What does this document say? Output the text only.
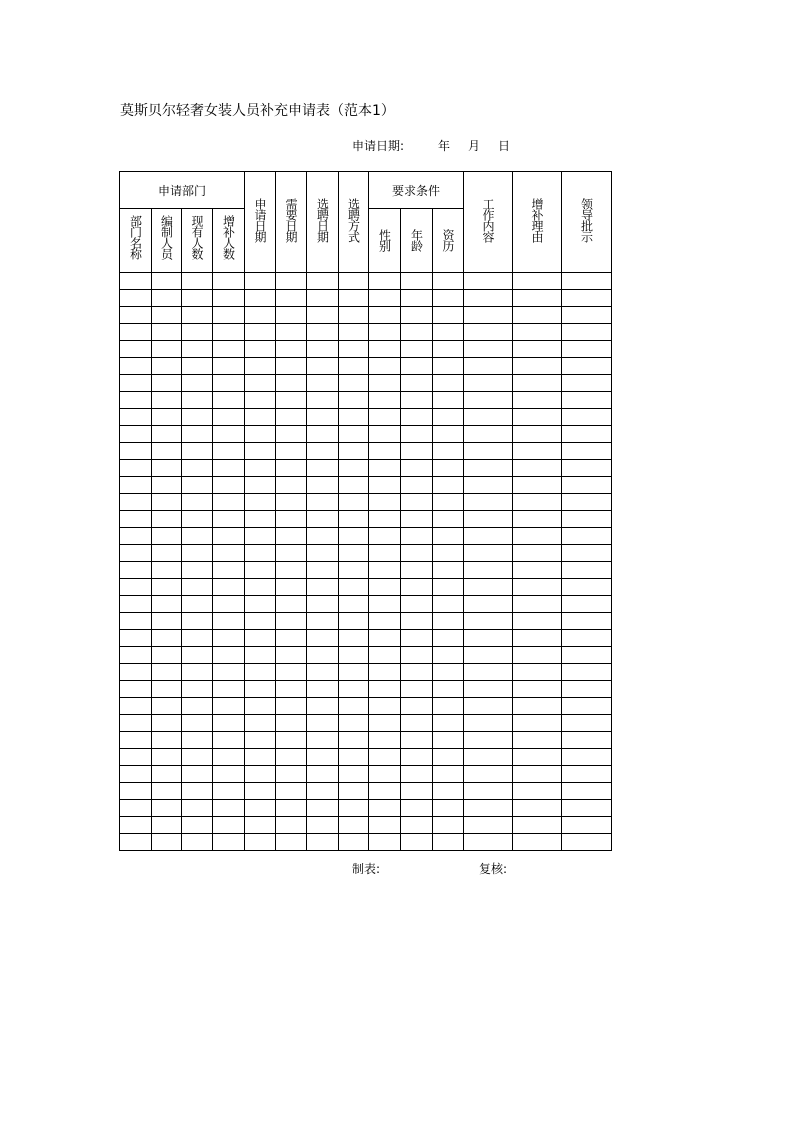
莫斯贝尔轻奢女装人员补充申请表（范本1）
申请日期:	年 月 日
申请部门				申请日期	需要日期	选聘日期	选聘方式	要求条件			工作内容	增补理由	领导批示
部门名称	编制人员	现有人数	增补人数					性别	年龄	资历			

制表:	复核:
